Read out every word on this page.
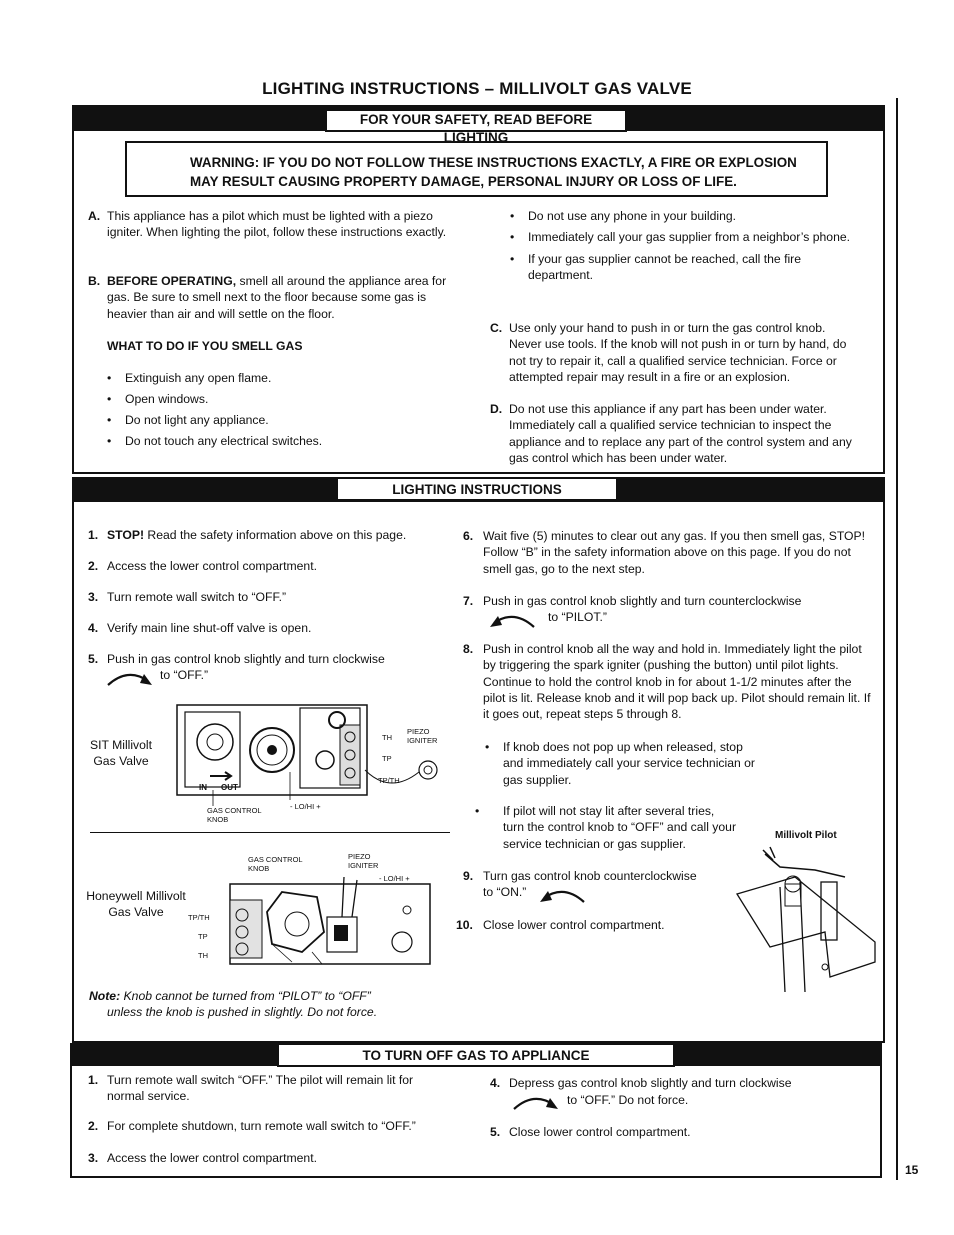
LIGHTING INSTRUCTIONS – MILLIVOLT GAS VALVE
15
FOR YOUR SAFETY, READ BEFORE LIGHTING
WARNING: IF YOU DO NOT FOLLOW THESE INSTRUCTIONS EXACTLY, A FIRE OR EXPLOSION
MAY RESULT CAUSING PROPERTY DAMAGE, PERSONAL INJURY OR LOSS OF LIFE.
A. This appliance has a pilot which must be lighted with a piezo igniter. When lighting the pilot, follow these instructions exactly.
B. BEFORE OPERATING, smell all around the appliance area for gas. Be sure to smell next to the floor because some gas is heavier than air and will settle on the floor.
WHAT TO DO IF YOU SMELL GAS
• Extinguish any open flame.
• Open windows.
• Do not light any appliance.
• Do not touch any electrical switches.
• Do not use any phone in your building.
• Immediately call your gas supplier from a neighbor’s phone.
• If your gas supplier cannot be reached, call the fire department.
C. Use only your hand to push in or turn the gas control knob. Never use tools. If the knob will not push in or turn by hand, do not try to repair it, call a qualified service technician. Force or attempted repair may result in a fire or an explosion.
D. Do not use this appliance if any part has been under water. Immediately call a qualified service technician to inspect the appliance and to replace any part of the control system and any gas control which has been under water.
LIGHTING INSTRUCTIONS
1. STOP! Read the safety information above on this page.
2. Access the lower control compartment.
3. Turn remote wall switch to “OFF.”
4. Verify main line shut-off valve is open.
5. Push in gas control knob slightly and turn clockwise
to “OFF.”
SIT Millivolt Gas Valve
IN OUT
TH
TP
TP/TH
PIEZO IGNITER
GAS CONTROL KNOB
- LO/HI +
Honeywell Millivolt Gas Valve
GAS CONTROL KNOB
PIEZO IGNITER
- LO/HI +
TP/TH
TP
TH
Note: Knob cannot be turned from “PILOT” to “OFF”
unless the knob is pushed in slightly. Do not force.
6. Wait five (5) minutes to clear out any gas. If you then smell gas, STOP! Follow “B” in the safety information above on this page. If you do not smell gas, go to the next step.
7. Push in gas control knob slightly and turn counterclockwise
to “PILOT.”
8. Push in control knob all the way and hold in. Immediately light the pilot by triggering the spark igniter (pushing the button) until pilot lights. Continue to hold the control knob in for about 1-1/2 minutes after the pilot is lit. Release knob and it will pop back up. Pilot should remain lit. If it goes out, repeat steps 5 through 8.
• If knob does not pop up when released, stop and immediately call your service technician or gas supplier.
• If pilot will not stay lit after several tries, turn the control knob to “OFF” and call your service technician or gas supplier.
9. Turn gas control knob counterclockwise
to “ON.”
10. Close lower control compartment.
Millivolt Pilot
TO TURN OFF GAS TO APPLIANCE
1. Turn remote wall switch “OFF.” The pilot will remain lit for normal service.
2. For complete shutdown, turn remote wall switch to “OFF.”
3. Access the lower control compartment.
4. Depress gas control knob slightly and turn clockwise
to “OFF.” Do not force.
5. Close lower control compartment.
